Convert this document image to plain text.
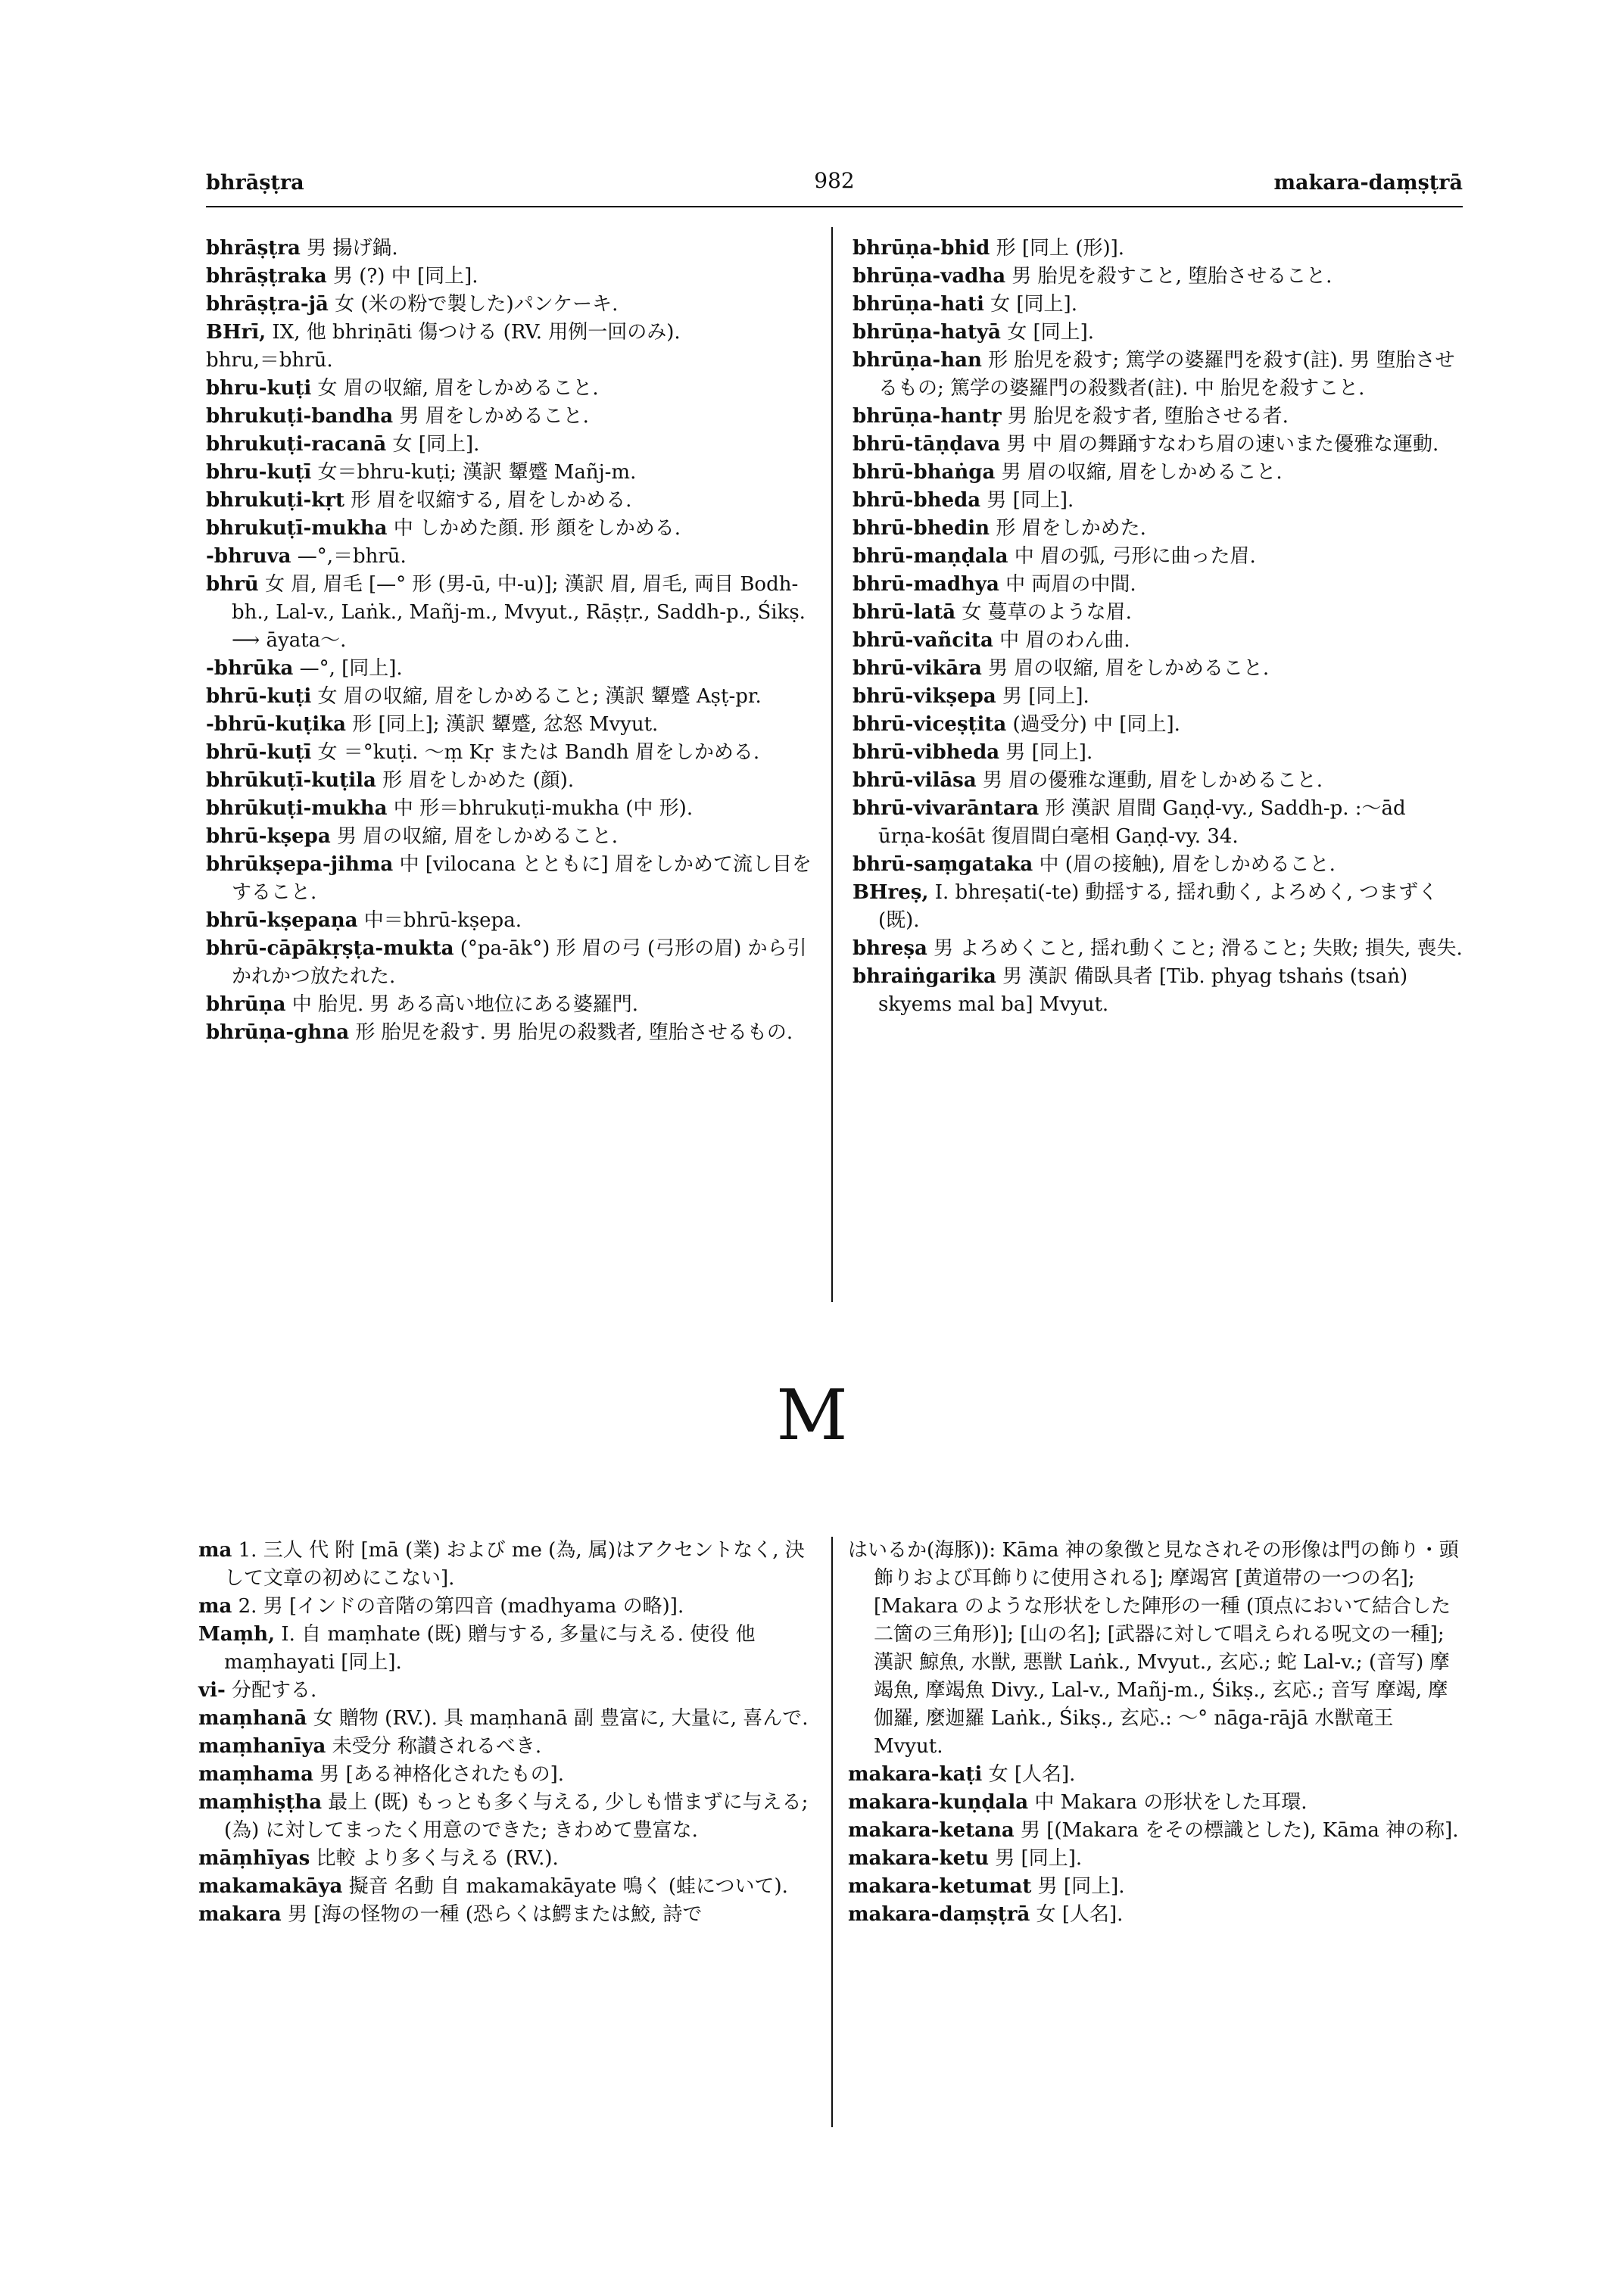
bhrāṣṭra	982	makara-daṃṣṭrā

bhrāṣṭra 男 揚げ鍋.

bhrāṣṭraka 男 (?) 中 [同上].

bhrāṣṭra-jā 女 (米の粉で製した)パンケーキ.

BHrī, IX, 他 bhriṇāti 傷つける (RV. 用例一回のみ).

bhru,＝bhrū.

bhru-kuṭi 女 眉の収縮, 眉をしかめること.

bhrukuṭi-bandha 男 眉をしかめること.

bhrukuṭi-racanā 女 [同上].

bhru-kuṭī 女＝bhru-kuṭi; 漢訳 顰蹙 Mañj-m.

bhrukuṭi-kṛt 形 眉を収縮する, 眉をしかめる.

bhrukuṭī-mukha 中 しかめた顔. 形 顔をしかめる.

-bhruva —°,＝bhrū.

bhrū 女 眉, 眉毛 [—° 形 (男-ū, 中-u)]; 漢訳 眉, 眉毛, 両目 Bodh-bh., Lal-v., Laṅk., Mañj-m., Mvyut., Rāṣṭr., Saddh-p., Śikṣ. ⟶ āyata～.

-bhrūka —°, [同上].

bhrū-kuṭi 女 眉の収縮, 眉をしかめること; 漢訳 顰蹙 Aṣṭ-pr.

-bhrū-kuṭika 形 [同上]; 漢訳 顰蹙, 忿怒 Mvyut.

bhrū-kuṭī 女 ＝°kuṭi. ～ṃ Kṛ または Bandh 眉をしかめる.

bhrūkuṭī-kuṭila 形 眉をしかめた (顔).

bhrūkuṭi-mukha 中 形＝bhrukuṭi-mukha (中 形).

bhrū-kṣepa 男 眉の収縮, 眉をしかめること.

bhrūkṣepa-jihma 中 [vilocana とともに] 眉をしかめて流し目をすること.

bhrū-kṣepaṇa 中＝bhrū-kṣepa.

bhrū-cāpākṛṣṭa-mukta (°pa-āk°) 形 眉の弓 (弓形の眉) から引かれかつ放たれた.

bhrūṇa 中 胎児. 男 ある高い地位にある婆羅門.

bhrūṇa-ghna 形 胎児を殺す. 男 胎児の殺戮者, 堕胎させるもの.

bhrūṇa-bhid 形 [同上 (形)].

bhrūṇa-vadha 男 胎児を殺すこと, 堕胎させること.

bhrūṇa-hati 女 [同上].

bhrūṇa-hatyā 女 [同上].

bhrūṇa-han 形 胎児を殺す; 篤学の婆羅門を殺す(註). 男 堕胎させるもの; 篤学の婆羅門の殺戮者(註). 中 胎児を殺すこと.

bhrūṇa-hantṛ 男 胎児を殺す者, 堕胎させる者.

bhrū-tāṇḍava 男 中 眉の舞踊すなわち眉の速いまた優雅な運動.

bhrū-bhaṅga 男 眉の収縮, 眉をしかめること.

bhrū-bheda 男 [同上].

bhrū-bhedin 形 眉をしかめた.

bhrū-maṇḍala 中 眉の弧, 弓形に曲った眉.

bhrū-madhya 中 両眉の中間.

bhrū-latā 女 蔓草のような眉.

bhrū-vañcita 中 眉のわん曲.

bhrū-vikāra 男 眉の収縮, 眉をしかめること.

bhrū-vikṣepa 男 [同上].

bhrū-viceṣṭita (過受分) 中 [同上].

bhrū-vibheda 男 [同上].

bhrū-vilāsa 男 眉の優雅な運動, 眉をしかめること.

bhrū-vivarāntara 形 漢訳 眉間 Gaṇḍ-vy., Saddh-p. :～ād ūrṇa-kośāt 復眉間白毫相 Gaṇḍ-vy. 34.

bhrū-saṃgataka 中 (眉の接触), 眉をしかめること.

BHreṣ, I. bhreṣati(-te) 動揺する, 揺れ動く, よろめく, つまずく (既).

bhreṣa 男 よろめくこと, 揺れ動くこと; 滑ること; 失敗; 損失, 喪失.

bhraiṅgarika 男 漢訳 備臥具者 [Tib. phyag tshaṅs (tsaṅ) skyems mal ba] Mvyut.

M

ma 1. 三人 代 附 [mā (業) および me (為, 属)はアクセントなく, 決して文章の初めにこない].

ma 2. 男 [インドの音階の第四音 (madhyama の略)].

Maṃh, I. 自 maṃhate (既) 贈与する, 多量に与える. 使役 他 maṃhayati [同上].

vi- 分配する.

maṃhanā 女 贈物 (RV.). 具 maṃhanā 副 豊富に, 大量に, 喜んで.

maṃhanīya 未受分 称讃されるべき.

maṃhama 男 [ある神格化されたもの].

maṃhiṣṭha 最上 (既) もっとも多く与える, 少しも惜まずに与える; (為) に対してまったく用意のできた; きわめて豊富な.

māṃhīyas 比較 より多く与える (RV.).

makamakāya 擬音 名動 自 makamakāyate 鳴く (蛙について).

makara 男 [海の怪物の一種 (恐らくは鰐または鮫, 詩で

はいるか(海豚)): Kāma 神の象徴と見なされその形像は門の飾り・頭飾りおよび耳飾りに使用される]; 摩竭宮 [黄道帯の一つの名]; [Makara のような形状をした陣形の一種 (頂点において結合した二箇の三角形)]; [山の名]; [武器に対して唱えられる呪文の一種]; 漢訳 鯨魚, 水獣, 悪獣 Laṅk., Mvyut., 玄応.; 蛇 Lal-v.; (音写) 摩竭魚, 摩竭魚 Divy., Lal-v., Mañj-m., Śikṣ., 玄応.; 音写 摩竭, 摩伽羅, 麼迦羅 Laṅk., Śikṣ., 玄応.: ～° nāga-rājā 水獣竜王 Mvyut.

makara-kaṭi 女 [人名].

makara-kuṇḍala 中 Makara の形状をした耳環.

makara-ketana 男 [(Makara をその標識とした), Kāma 神の称].

makara-ketu 男 [同上].

makara-ketumat 男 [同上].

makara-daṃṣṭrā 女 [人名].
